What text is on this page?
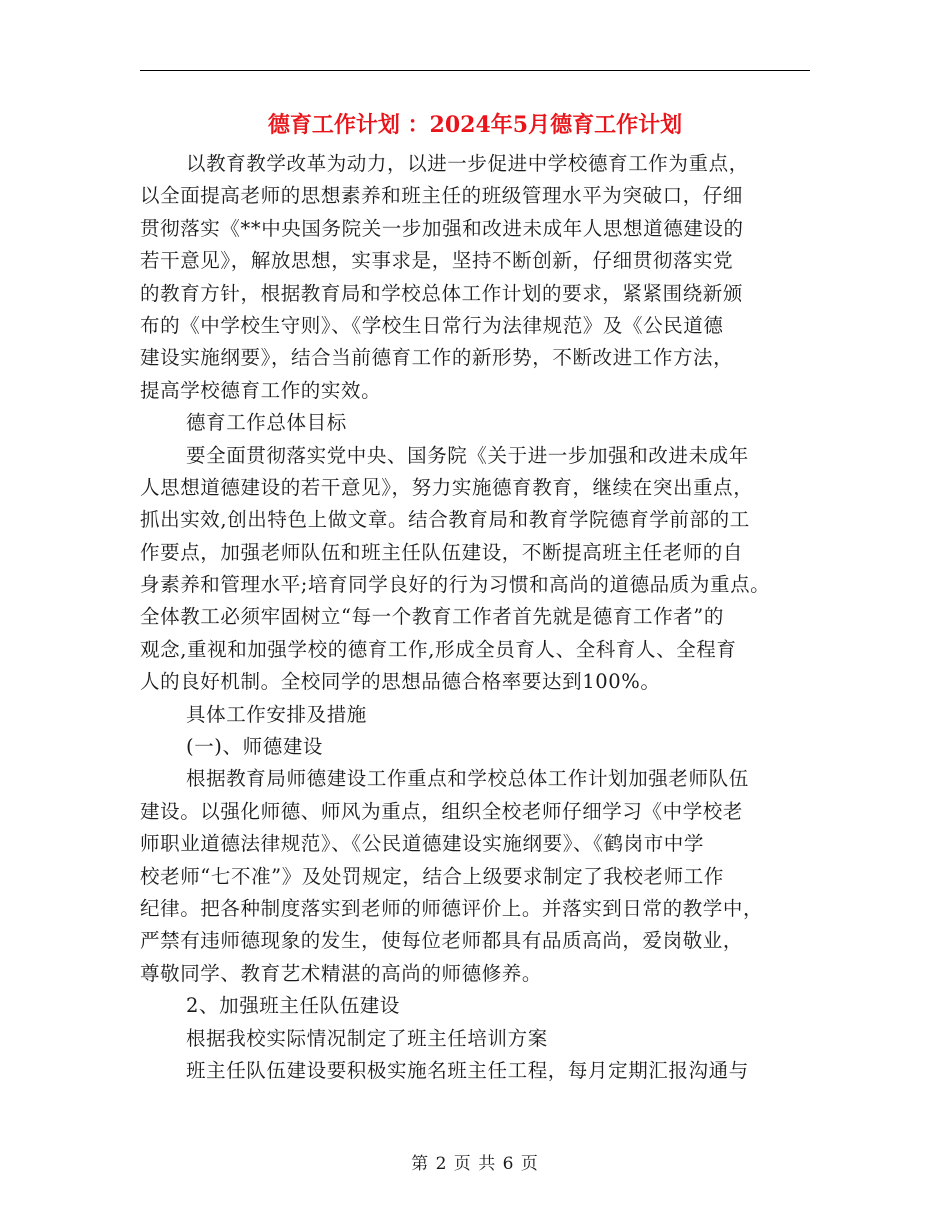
德育工作计划 ：2024年5月德育工作计划
以教育教学改革为动力，以进一步促进中学校德育工作为重点，
以全面提高老师的思想素养和班主任的班级管理水平为突破口，仔细
贯彻落实《**中央国务院关一步加强和改进未成年人思想道德建设的
若干意见》，解放思想，实事求是，坚持不断创新，仔细贯彻落实党
的教育方针，根据教育局和学校总体工作计划的要求，紧紧围绕新颁
布的《中学校生守则》、《学校生日常行为法律规范》及《公民道德
建设实施纲要》，结合当前德育工作的新形势，不断改进工作方法，
提高学校德育工作的实效。
德育工作总体目标
要全面贯彻落实党中央、国务院《关于进一步加强和改进未成年
人思想道德建设的若干意见》，努力实施德育教育，继续在突出重点，
抓出实效,创出特色上做文章。结合教育局和教育学院德育学前部的工
作要点，加强老师队伍和班主任队伍建设，不断提高班主任老师的自
身素养和管理水平;培育同学良好的行为习惯和高尚的道德品质为重点。
全体教工必须牢固树立“每一个教育工作者首先就是德育工作者”的
观念,重视和加强学校的德育工作,形成全员育人、全科育人、全程育
人的良好机制。全校同学的思想品德合格率要达到100%。
具体工作安排及措施
(一)、师德建设
根据教育局师德建设工作重点和学校总体工作计划加强老师队伍
建设。以强化师德、师风为重点，组织全校老师仔细学习《中学校老
师职业道德法律规范》、《公民道德建设实施纲要》、《鹤岗市中学
校老师“七不准”》及处罚规定，结合上级要求制定了我校老师工作
纪律。把各种制度落实到老师的师德评价上。并落实到日常的教学中，
严禁有违师德现象的发生，使每位老师都具有品质高尚，爱岗敬业，
尊敬同学、教育艺术精湛的高尚的师德修养。
2、加强班主任队伍建设
根据我校实际情况制定了班主任培训方案
班主任队伍建设要积极实施名班主任工程，每月定期汇报沟通与
第 2 页 共 6 页
